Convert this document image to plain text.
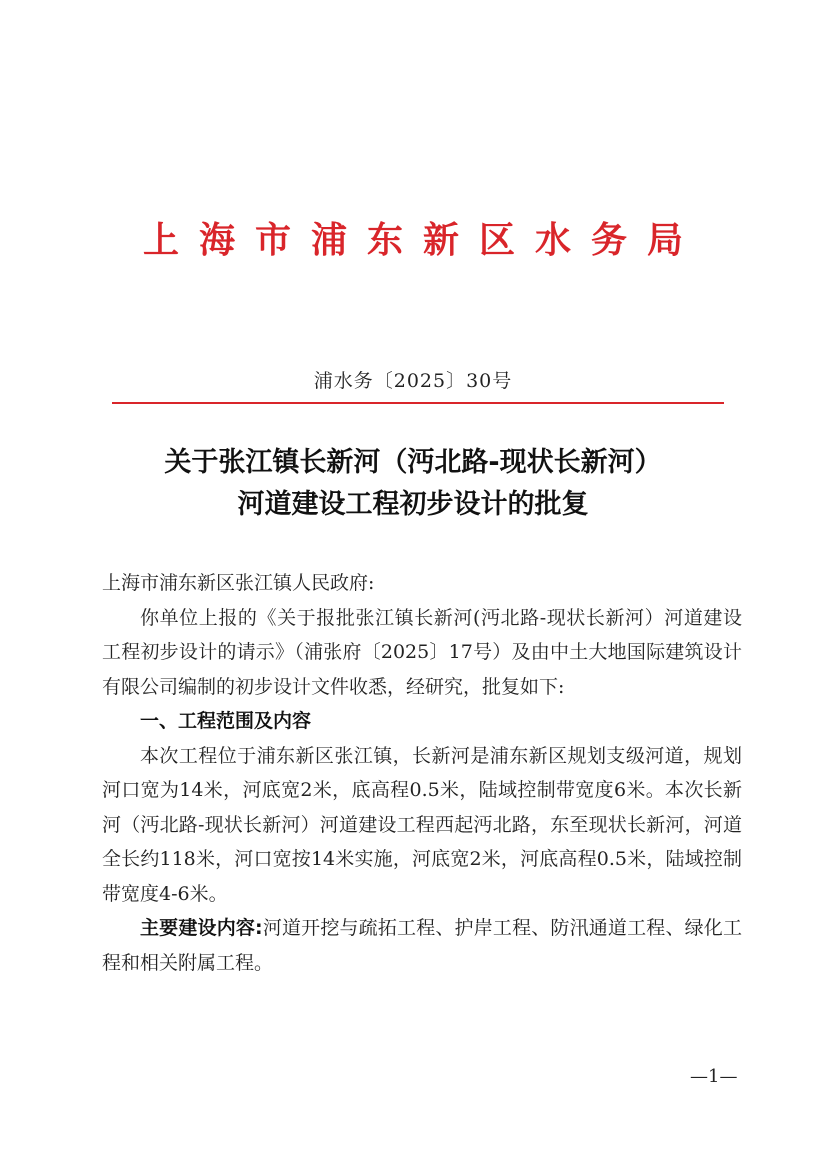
上海市浦东新区水务局
浦水务〔2025〕30号
关于张江镇长新河（沔北路-现状长新河）
河道建设工程初步设计的批复

上海市浦东新区张江镇人民政府:

你单位上报的《关于报批张江镇长新河(沔北路-现状长新河）河道建设工程初步设计的请示》（浦张府〔2025〕17号）及由中土大地国际建筑设计有限公司编制的初步设计文件收悉，经研究，批复如下:

一、工程范围及内容

本次工程位于浦东新区张江镇，长新河是浦东新区规划支级河道，规划河口宽为14米，河底宽2米，底高程0.5米，陆域控制带宽度6米。本次长新河（沔北路-现状长新河）河道建设工程西起沔北路，东至现状长新河，河道全长约118米，河口宽按14米实施，河底宽2米，河底高程0.5米，陆域控制带宽度4-6米。

主要建设内容:河道开挖与疏拓工程、护岸工程、防汛通道工程、绿化工程和相关附属工程。

—1—
